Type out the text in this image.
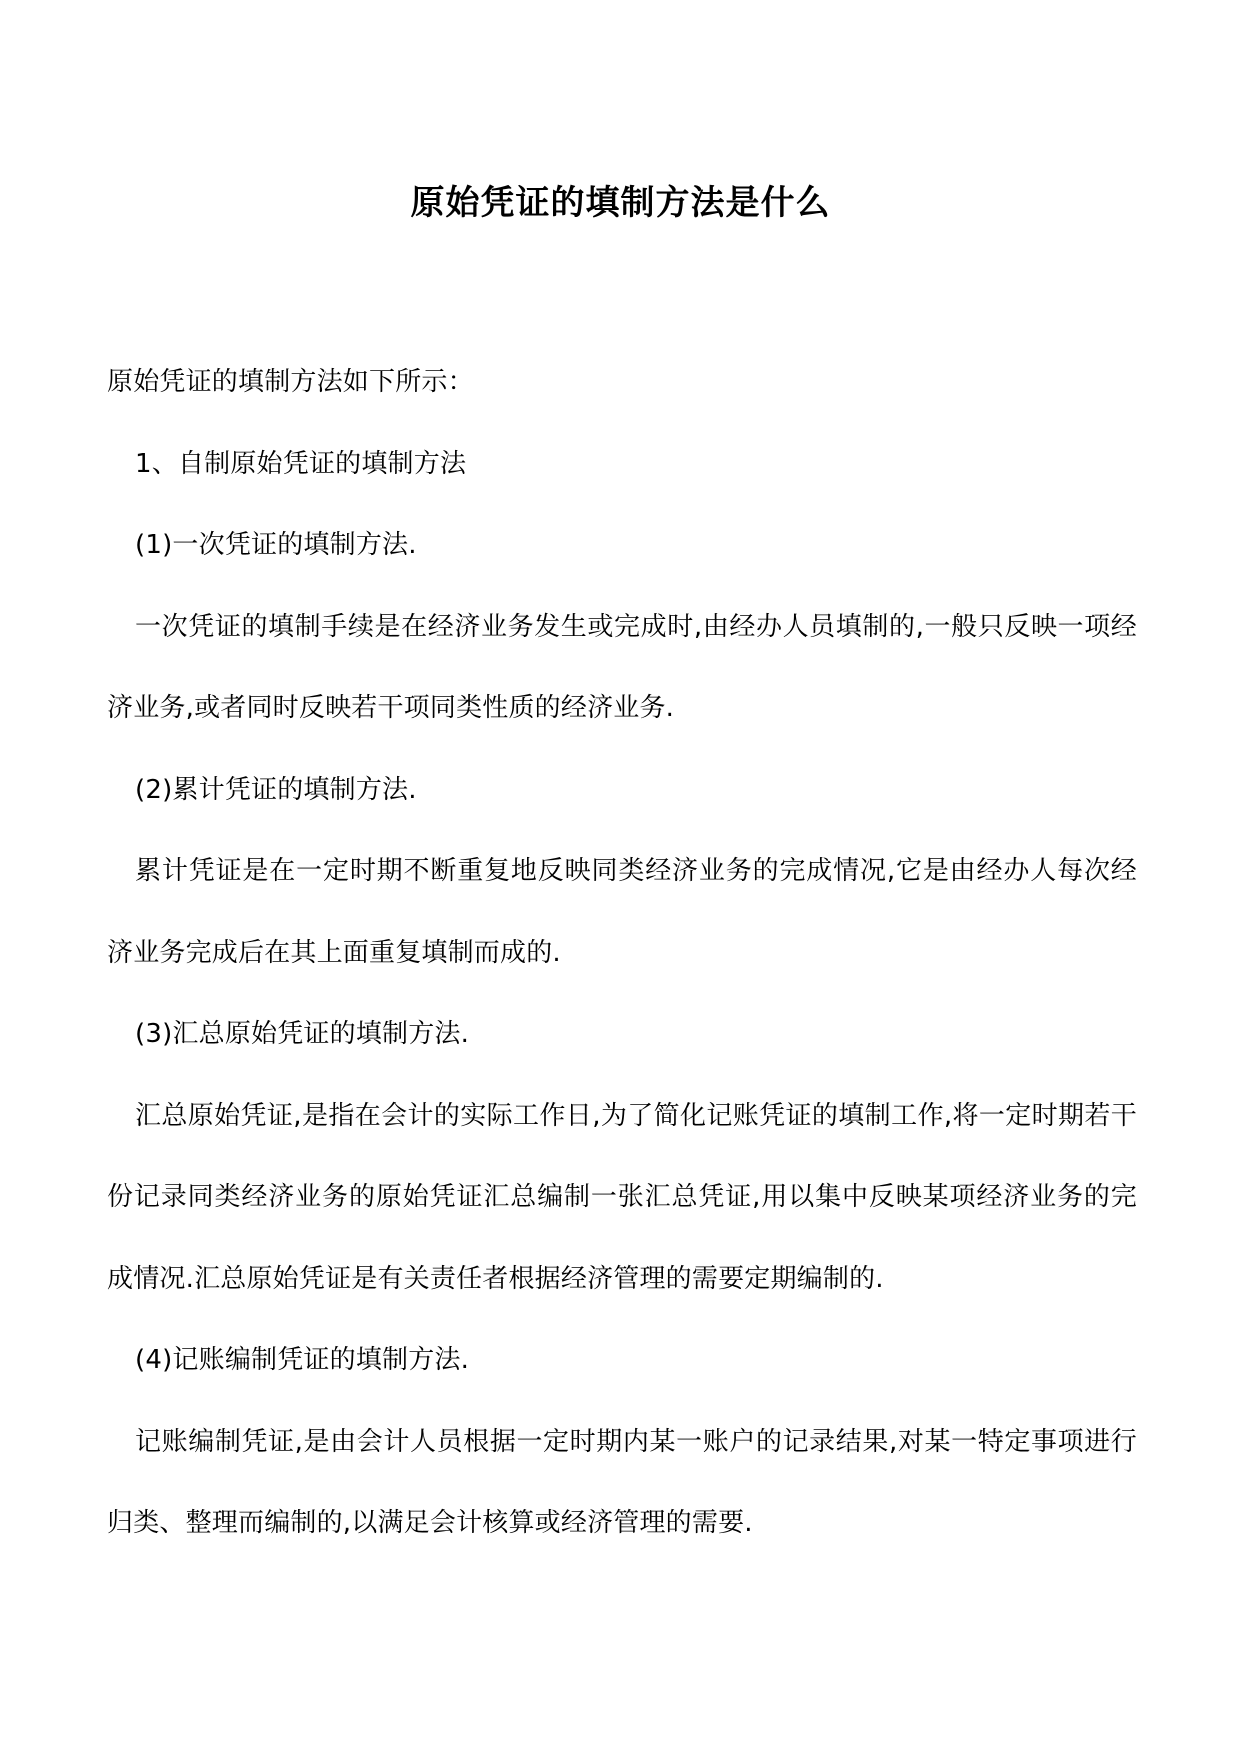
原始凭证的填制方法是什么

原始凭证的填制方法如下所示：

1、自制原始凭证的填制方法

(1)一次凭证的填制方法.

一次凭证的填制手续是在经济业务发生或完成时,由经办人员填制的,一般只反映一项经济业务,或者同时反映若干项同类性质的经济业务.

(2)累计凭证的填制方法.

累计凭证是在一定时期不断重复地反映同类经济业务的完成情况,它是由经办人每次经济业务完成后在其上面重复填制而成的.

(3)汇总原始凭证的填制方法.

汇总原始凭证,是指在会计的实际工作日,为了简化记账凭证的填制工作,将一定时期若干份记录同类经济业务的原始凭证汇总编制一张汇总凭证,用以集中反映某项经济业务的完成情况.汇总原始凭证是有关责任者根据经济管理的需要定期编制的.

(4)记账编制凭证的填制方法.

记账编制凭证,是由会计人员根据一定时期内某一账户的记录结果,对某一特定事项进行归类、整理而编制的,以满足会计核算或经济管理的需要.
